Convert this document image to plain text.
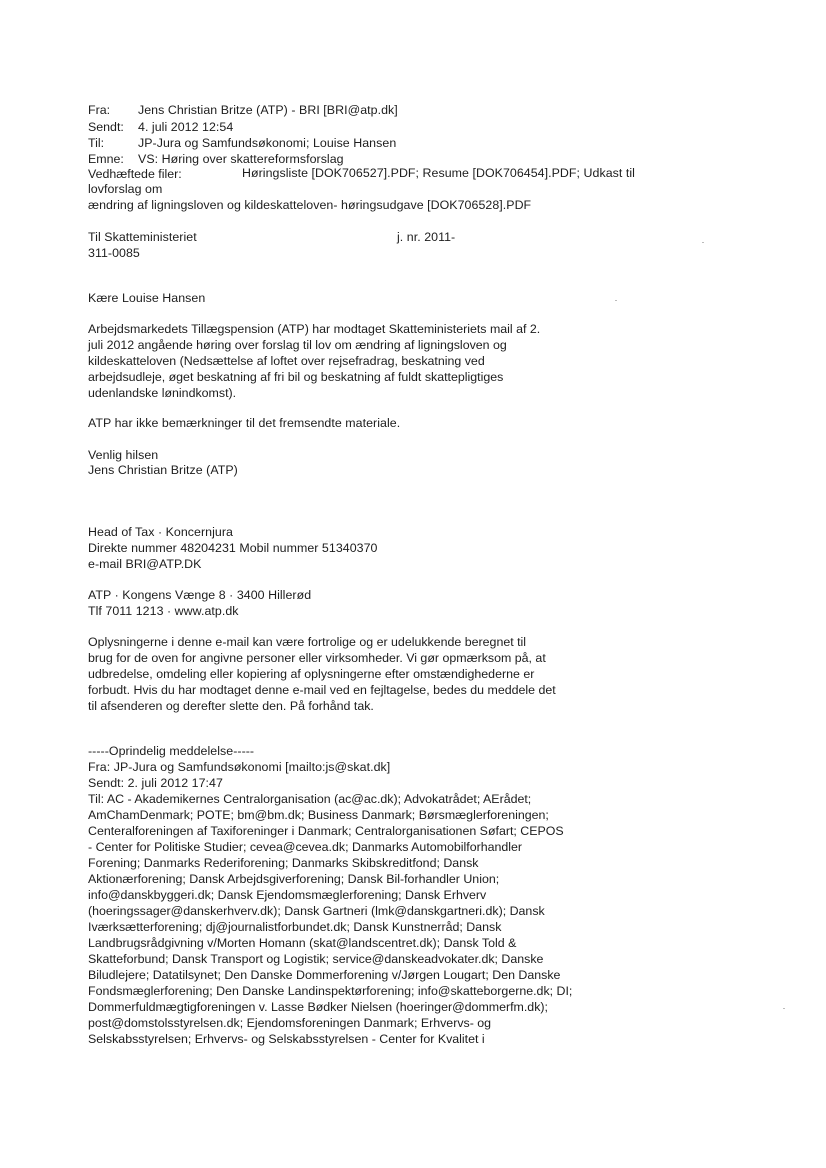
Fra: Jens Christian Britze (ATP) - BRI [BRI@atp.dk]
Sendt: 4. juli 2012 12:54
Til:	JP-Jura og Samfundsøkonomi; Louise Hansen
Emne: VS: Høring over skattereformsforslag
Vedhæftede filer:	Høringsliste [DOK706527].PDF; Resume [DOK706454].PDF; Udkast til
lovforslag om
ændring af ligningsloven og kildeskatteloven- høringsudgave [DOK706528].PDF
Til Skatteministeriet	j. nr. 2011-
311-0085
Kære Louise Hansen
Arbejdsmarkedets Tillægspension (ATP) har modtaget Skatteministeriets mail af 2.
juli 2012 angående høring over forslag til lov om ændring af ligningsloven og
kildeskatteloven (Nedsættelse af loftet over rejsefradrag, beskatning ved
arbejdsudleje, øget beskatning af fri bil og beskatning af fuldt skattepligtiges
udenlandske lønindkomst).
ATP har ikke bemærkninger til det fremsendte materiale.
Venlig hilsen
Jens Christian Britze (ATP)
Head of Tax · Koncernjura
Direkte nummer 48204231 Mobil nummer 51340370
e-mail BRI@ATP.DK
ATP · Kongens Vænge 8 · 3400 Hillerød
Tlf 7011 1213 · www.atp.dk
Oplysningerne i denne e-mail kan være fortrolige og er udelukkende beregnet til
brug for de oven for angivne personer eller virksomheder. Vi gør opmærksom på, at
udbredelse, omdeling eller kopiering af oplysningerne efter omstændighederne er
forbudt. Hvis du har modtaget denne e-mail ved en fejltagelse, bedes du meddele det
til afsenderen og derefter slette den. På forhånd tak.
-----Oprindelig meddelelse-----
Fra: JP-Jura og Samfundsøkonomi [mailto:js@skat.dk]
Sendt: 2. juli 2012 17:47
Til: AC - Akademikernes Centralorganisation (ac@ac.dk); Advokatrådet; AErådet;
AmChamDenmark; POTE; bm@bm.dk; Business Danmark; Børsmæglerforeningen;
Centeralforeningen af Taxiforeninger i Danmark; Centralorganisationen Søfart; CEPOS
- Center for Politiske Studier; cevea@cevea.dk; Danmarks Automobilforhandler
Forening; Danmarks Rederiforening; Danmarks Skibskreditfond; Dansk
Aktionærforening; Dansk Arbejdsgiverforening; Dansk Bil-forhandler Union;
info@danskbyggeri.dk; Dansk Ejendomsmæglerforening; Dansk Erhverv
(hoeringssager@danskerhverv.dk); Dansk Gartneri (lmk@danskgartneri.dk); Dansk
Iværksætterforening; dj@journalistforbundet.dk; Dansk Kunstnerråd; Dansk
Landbrugsrådgivning v/Morten Homann (skat@landscentret.dk); Dansk Told &
Skatteforbund; Dansk Transport og Logistik; service@danskeadvokater.dk; Danske
Biludlejere; Datatilsynet; Den Danske Dommerforening v/Jørgen Lougart; Den Danske
Fondsmæglerforening; Den Danske Landinspektørforening; info@skatteborgerne.dk; DI;
Dommerfuldmægtigforeningen v. Lasse Bødker Nielsen (hoeringer@dommerfm.dk);
post@domstolsstyrelsen.dk; Ejendomsforeningen Danmark; Erhvervs- og
Selskabsstyrelsen; Erhvervs- og Selskabsstyrelsen - Center for Kvalitet i
